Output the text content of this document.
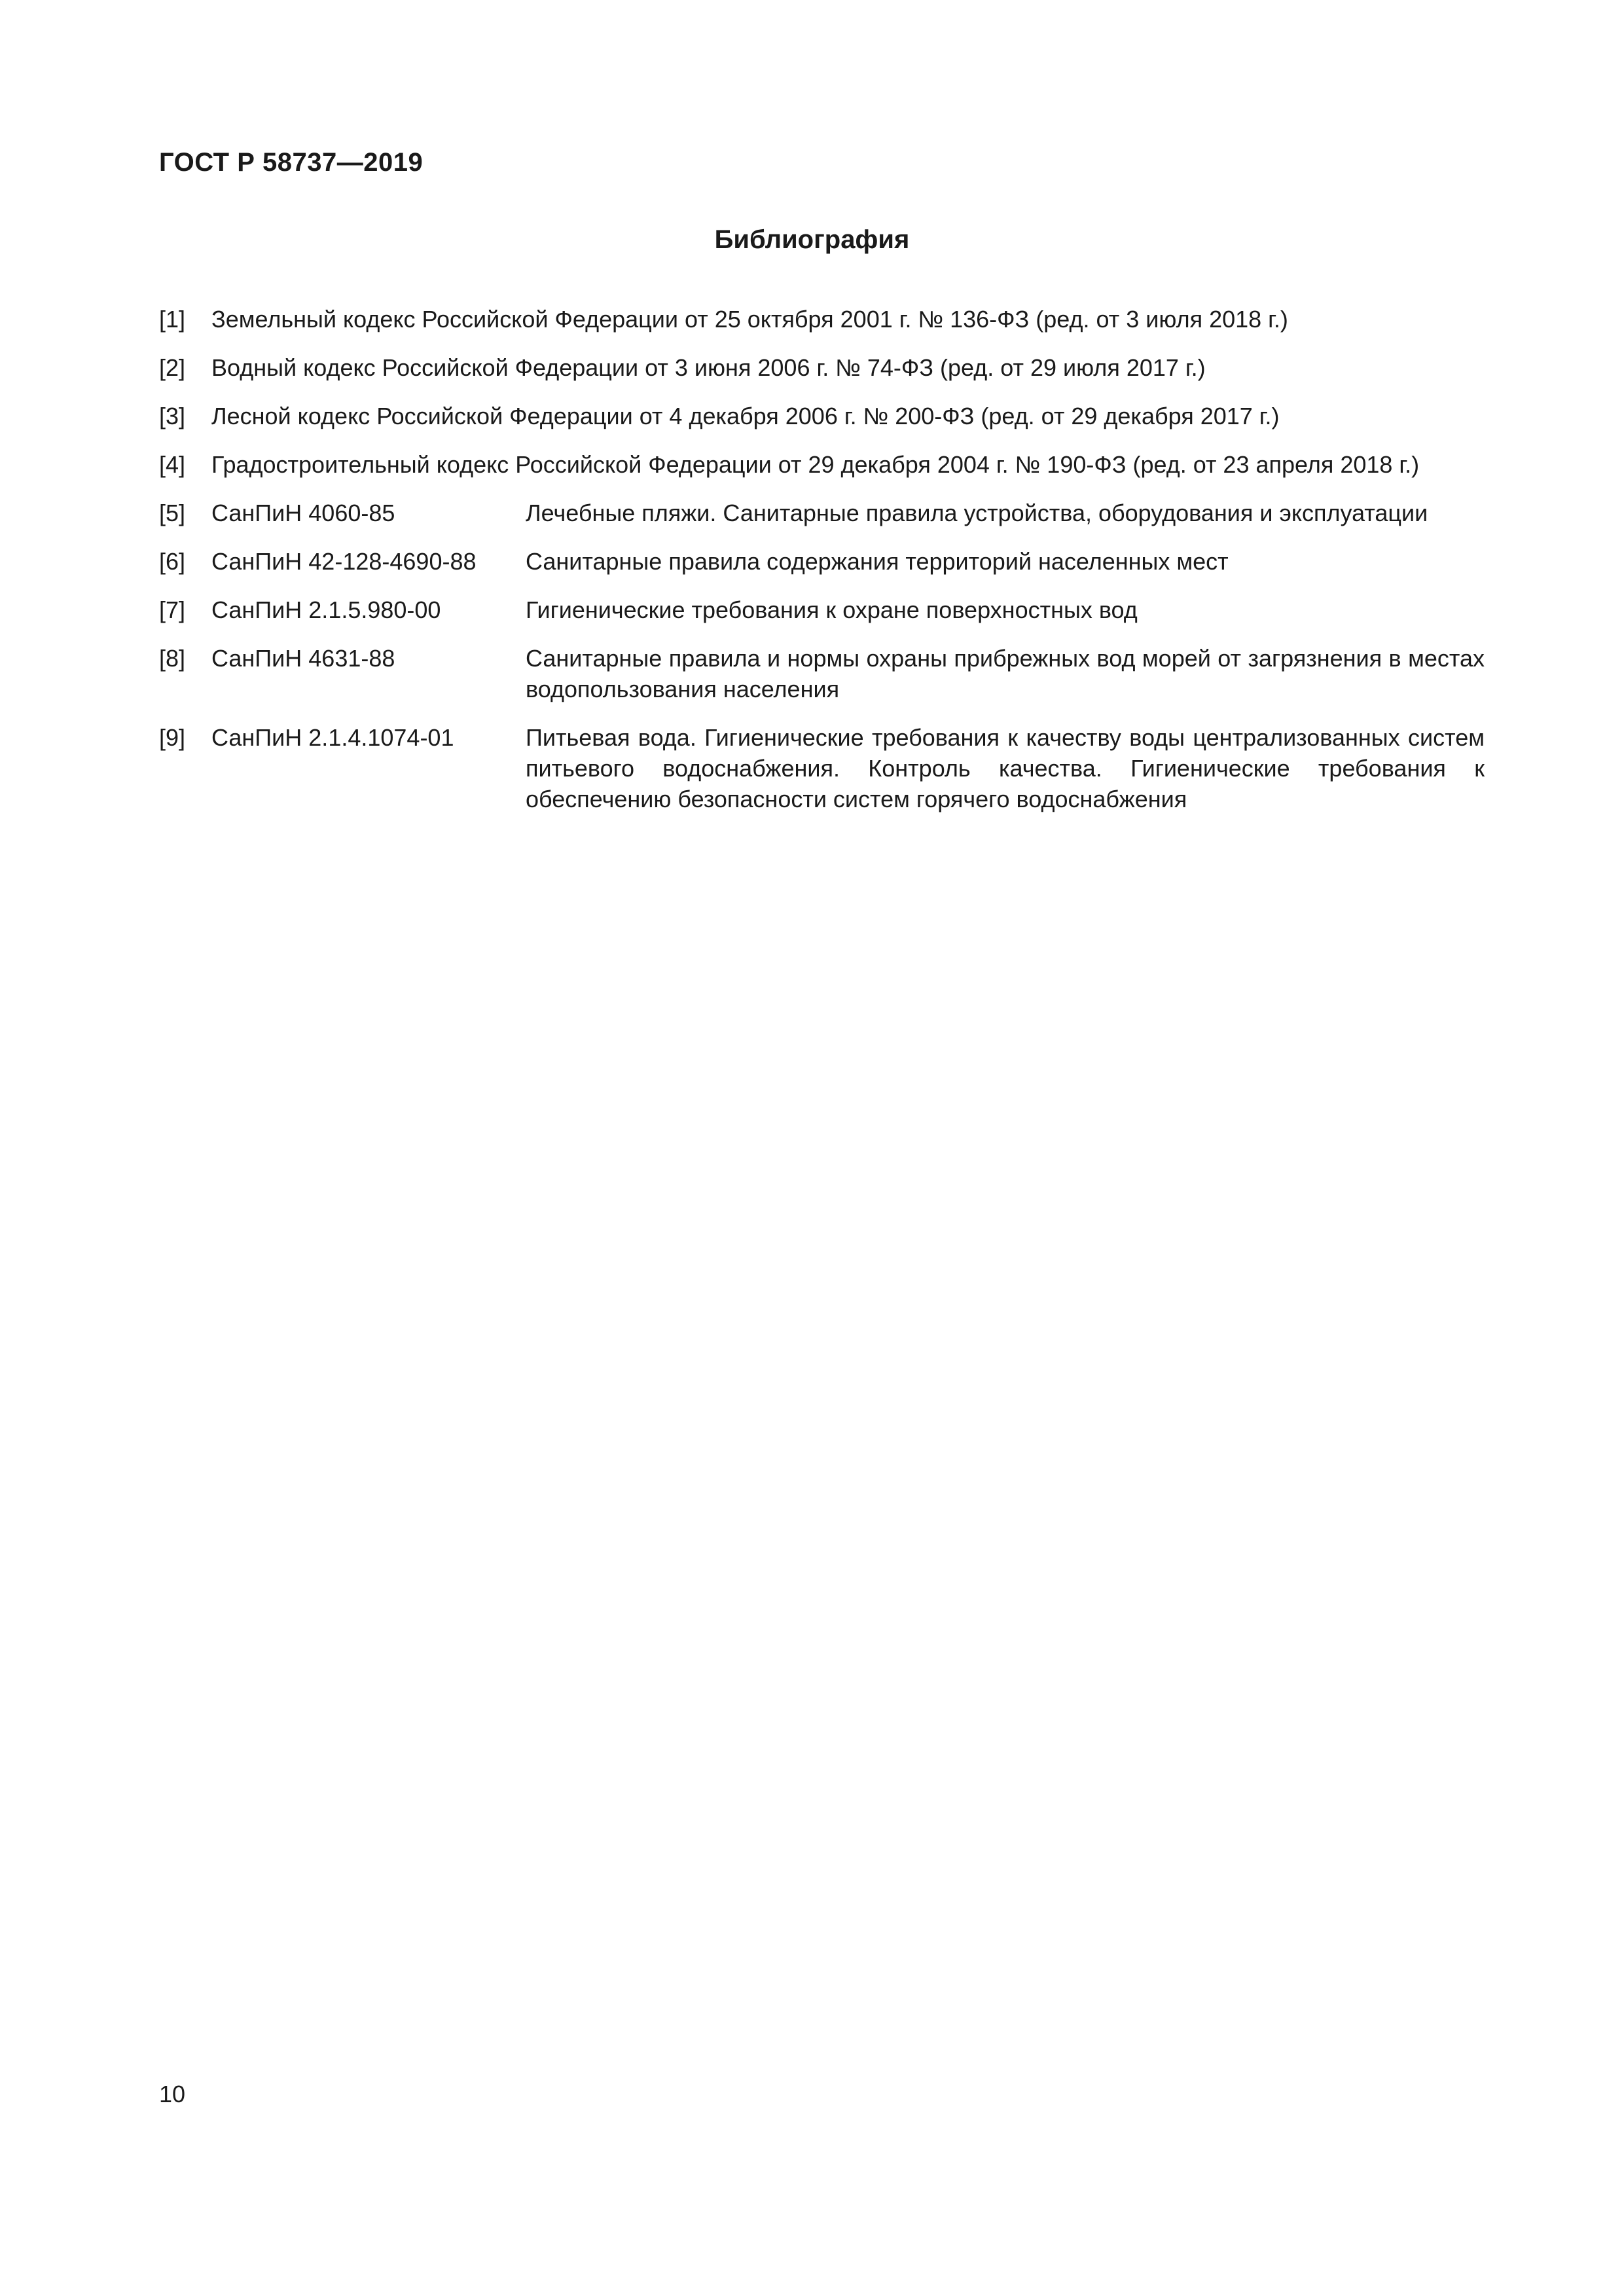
ГОСТ Р 58737—2019
Библиография
[1] Земельный кодекс Российской Федерации от 25 октября 2001 г. № 136-ФЗ (ред. от 3 июля 2018 г.)
[2] Водный кодекс Российской Федерации от 3 июня 2006 г. № 74-ФЗ (ред. от 29 июля 2017 г.)
[3] Лесной кодекс Российской Федерации от 4 декабря 2006 г. № 200-ФЗ (ред. от 29 декабря 2017 г.)
[4] Градостроительный кодекс Российской Федерации от 29 декабря 2004 г. № 190-ФЗ (ред. от 23 апреля 2018 г.)
[5] СанПиН 4060-85	Лечебные пляжи. Санитарные правила устройства, оборудования и эксплуатации
[6] СанПиН 42-128-4690-88 Санитарные правила содержания территорий населенных мест
[7] СанПиН 2.1.5.980-00	Гигиенические требования к охране поверхностных вод
[8] СанПиН 4631-88	Санитарные правила и нормы охраны прибрежных вод морей от загрязнения в местах водопользования населения
[9] СанПиН 2.1.4.1074-01	Питьевая вода. Гигиенические требования к качеству воды централизованных систем питьевого водоснабжения. Контроль качества. Гигиенические требования к обеспечению безопасности систем горячего водоснабжения
10
